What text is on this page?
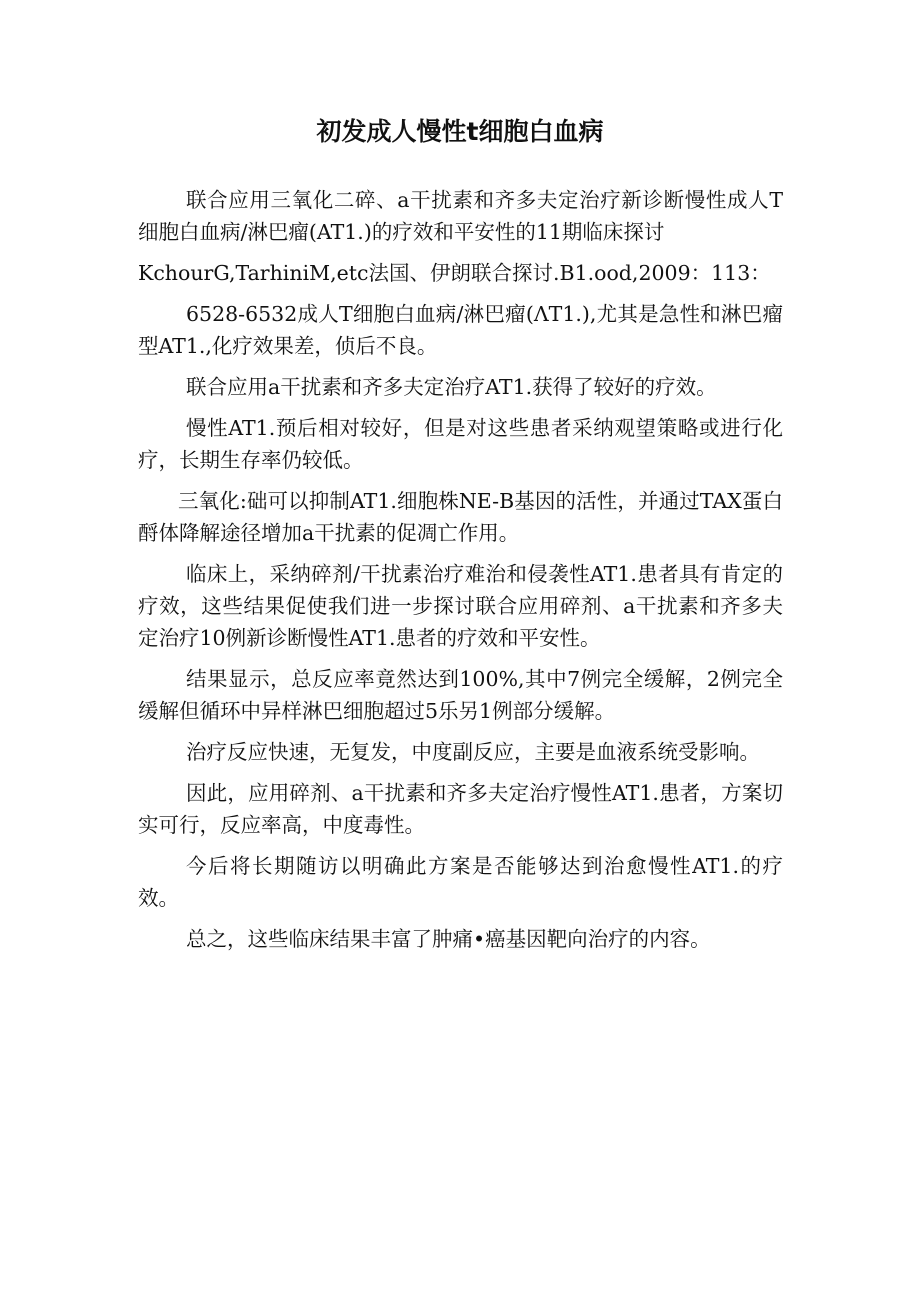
初发成人慢性t细胞白血病

联合应用三氧化二碎、a干扰素和齐多夫定治疗新诊断慢性成人T细胞白血病/淋巴瘤(AT1.)的疗效和平安性的11期临床探讨

KchourG,TarhiniM,etc法国、伊朗联合探讨.B1.ood,2009：113：

6528-6532成人T细胞白血病/淋巴瘤(ΛT1.),尤其是急性和淋巴瘤型AT1.,化疗效果差，侦后不良。

联合应用a干扰素和齐多夫定治疗AT1.获得了较好的疗效。

慢性AT1.预后相对较好，但是对这些患者采纳观望策略或进行化疗，长期生存率仍较低。

三氧化:础可以抑制AT1.细胞株NE-B基因的活性，并通过TAX蛋白酹体降解途径增加a干扰素的促凋亡作用。

临床上，采纳碎剂/干扰素治疗难治和侵袭性AT1.患者具有肯定的疗效，这些结果促使我们进一步探讨联合应用碎剂、a干扰素和齐多夫定治疗10例新诊断慢性AT1.患者的疗效和平安性。

结果显示，总反应率竟然达到100%,其中7例完全缓解，2例完全缓解但循环中异样淋巴细胞超过5乐另1例部分缓解。

治疗反应快速，无复发，中度副反应，主要是血液系统受影响。

因此，应用碎剂、a干扰素和齐多夫定治疗慢性AT1.患者，方案切实可行，反应率高，中度毒性。

今后将长期随访以明确此方案是否能够达到治愈慢性AT1.的疗效。

总之，这些临床结果丰富了肿痛•癌基因靶向治疗的内容。
